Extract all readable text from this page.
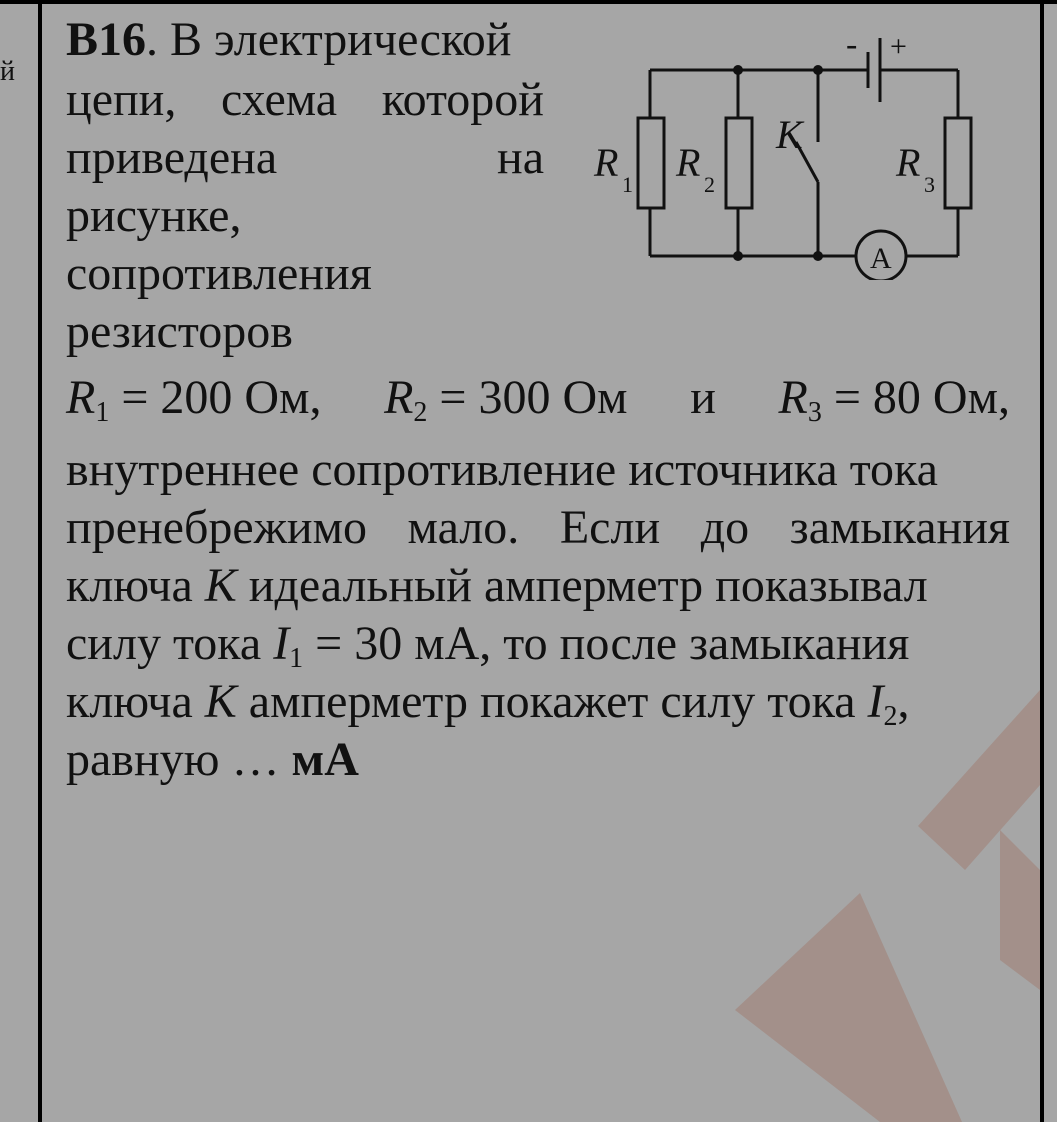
й
B16. В электрической
цепи, схема которой
приведена	на
рисунке,
сопротивления
резисторов
$R_1 = 200$ Ом, $R_2 = 300$ Ом и $R_3 = 80$ Ом,
внутреннее сопротивление источника тока
пренебрежимо мало. Если до замыкания
ключа K идеальный амперметр показывал
силу тока $I_1 = 30$ мА, то после замыкания
ключа K амперметр покажет силу тока $I_2$,
равную … мА
- +
R 1 R 2
K
R 3
A
